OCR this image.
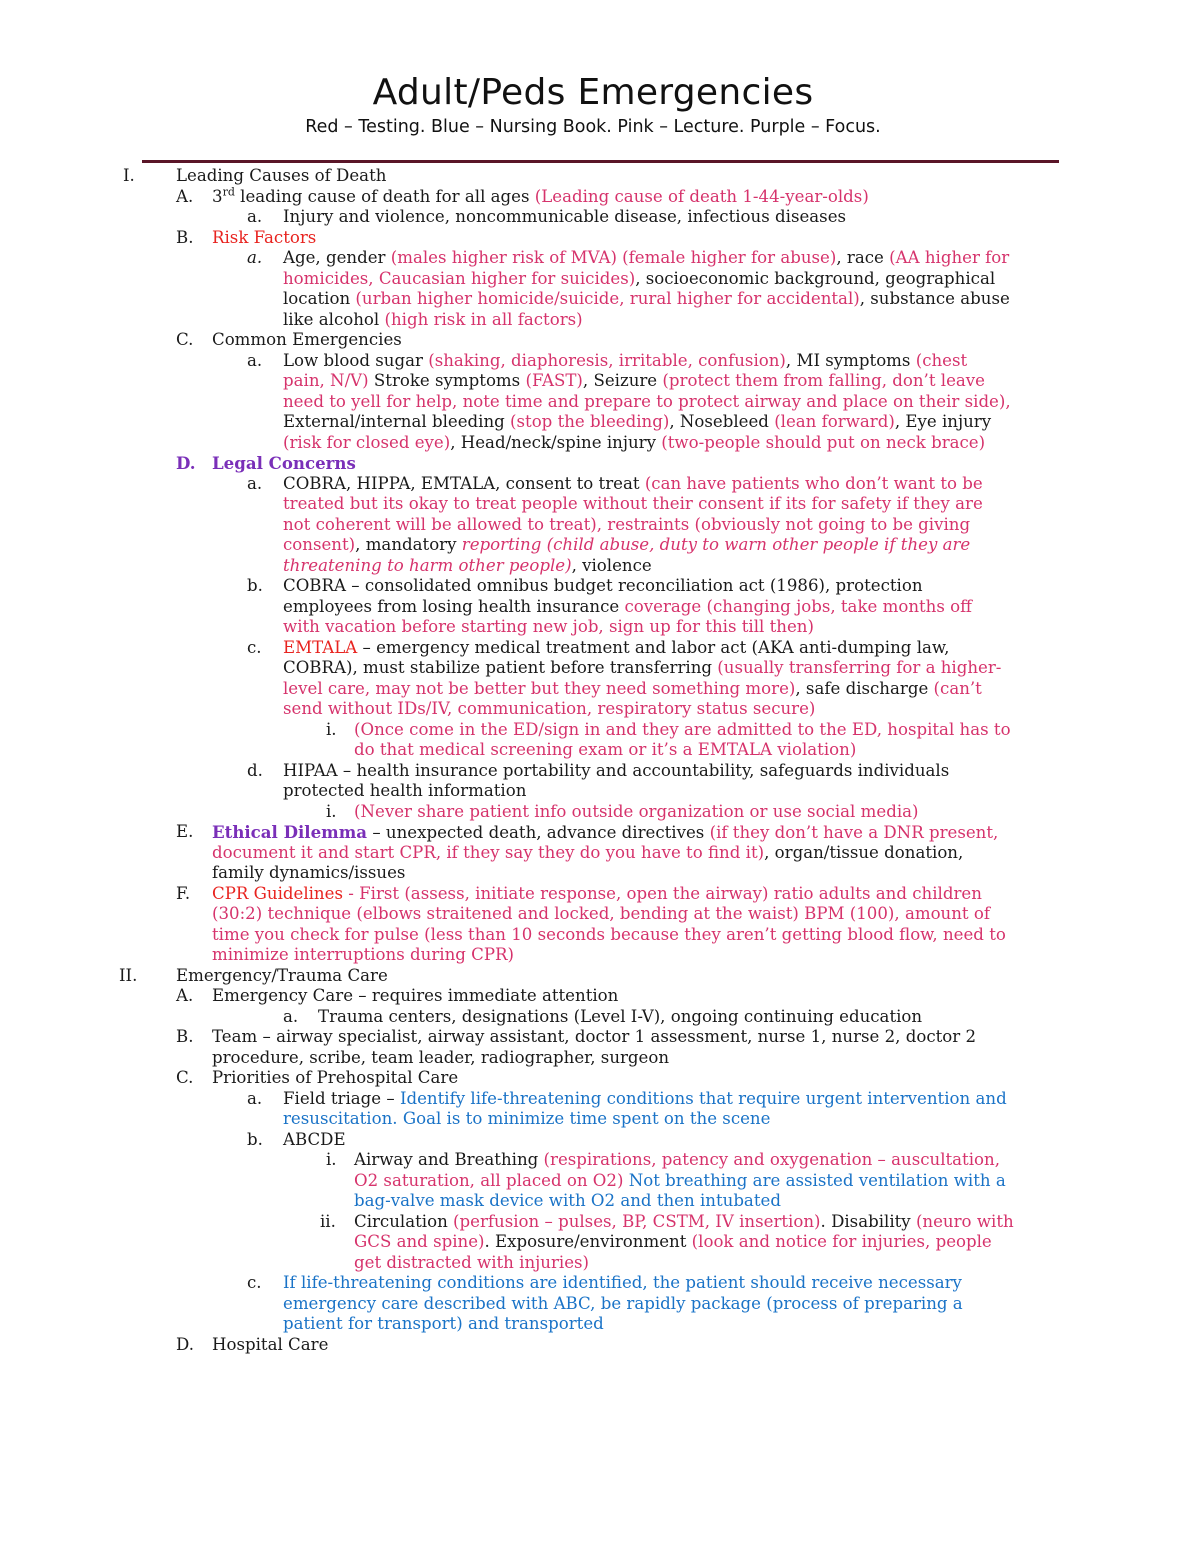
Adult/Peds Emergencies
Red – Testing. Blue – Nursing Book. Pink – Lecture. Purple – Focus.
I. Leading Causes of Death
A. 3rd leading cause of death for all ages (Leading cause of death 1-44-year-olds)
a. Injury and violence, noncommunicable disease, infectious diseases
B. Risk Factors
a. Age, gender (males higher risk of MVA) (female higher for abuse), race (AA higher for
homicides, Caucasian higher for suicides), socioeconomic background, geographical
location (urban higher homicide/suicide, rural higher for accidental), substance abuse
like alcohol (high risk in all factors)
C. Common Emergencies
a. Low blood sugar (shaking, diaphoresis, irritable, confusion), MI symptoms (chest
pain, N/V) Stroke symptoms (FAST), Seizure (protect them from falling, don’t leave
need to yell for help, note time and prepare to protect airway and place on their side),
External/internal bleeding (stop the bleeding), Nosebleed (lean forward), Eye injury
(risk for closed eye), Head/neck/spine injury (two-people should put on neck brace)
D. Legal Concerns
a. COBRA, HIPPA, EMTALA, consent to treat (can have patients who don’t want to be
treated but its okay to treat people without their consent if its for safety if they are
not coherent will be allowed to treat), restraints (obviously not going to be giving
consent), mandatory reporting (child abuse, duty to warn other people if they are
threatening to harm other people), violence
b. COBRA – consolidated omnibus budget reconciliation act (1986), protection
employees from losing health insurance coverage (changing jobs, take months off
with vacation before starting new job, sign up for this till then)
c. EMTALA – emergency medical treatment and labor act (AKA anti-dumping law,
COBRA), must stabilize patient before transferring (usually transferring for a higher-
level care, may not be better but they need something more), safe discharge (can’t
send without IDs/IV, communication, respiratory status secure)
i. (Once come in the ED/sign in and they are admitted to the ED, hospital has to
do that medical screening exam or it’s a EMTALA violation)
d. HIPAA – health insurance portability and accountability, safeguards individuals
protected health information
i. (Never share patient info outside organization or use social media)
E. Ethical Dilemma – unexpected death, advance directives (if they don’t have a DNR present,
document it and start CPR, if they say they do you have to find it), organ/tissue donation,
family dynamics/issues
F. CPR Guidelines - First (assess, initiate response, open the airway) ratio adults and children
(30:2) technique (elbows straitened and locked, bending at the waist) BPM (100), amount of
time you check for pulse (less than 10 seconds because they aren’t getting blood flow, need to
minimize interruptions during CPR)
II. Emergency/Trauma Care
A. Emergency Care – requires immediate attention
a. Trauma centers, designations (Level I-V), ongoing continuing education
B. Team – airway specialist, airway assistant, doctor 1 assessment, nurse 1, nurse 2, doctor 2
procedure, scribe, team leader, radiographer, surgeon
C. Priorities of Prehospital Care
a. Field triage – Identify life-threatening conditions that require urgent intervention and
resuscitation. Goal is to minimize time spent on the scene
b. ABCDE
i. Airway and Breathing (respirations, patency and oxygenation – auscultation,
O2 saturation, all placed on O2) Not breathing are assisted ventilation with a
bag-valve mask device with O2 and then intubated
ii. Circulation (perfusion – pulses, BP, CSTM, IV insertion). Disability (neuro with
GCS and spine). Exposure/environment (look and notice for injuries, people
get distracted with injuries)
c. If life-threatening conditions are identified, the patient should receive necessary
emergency care described with ABC, be rapidly package (process of preparing a
patient for transport) and transported
D. Hospital Care
